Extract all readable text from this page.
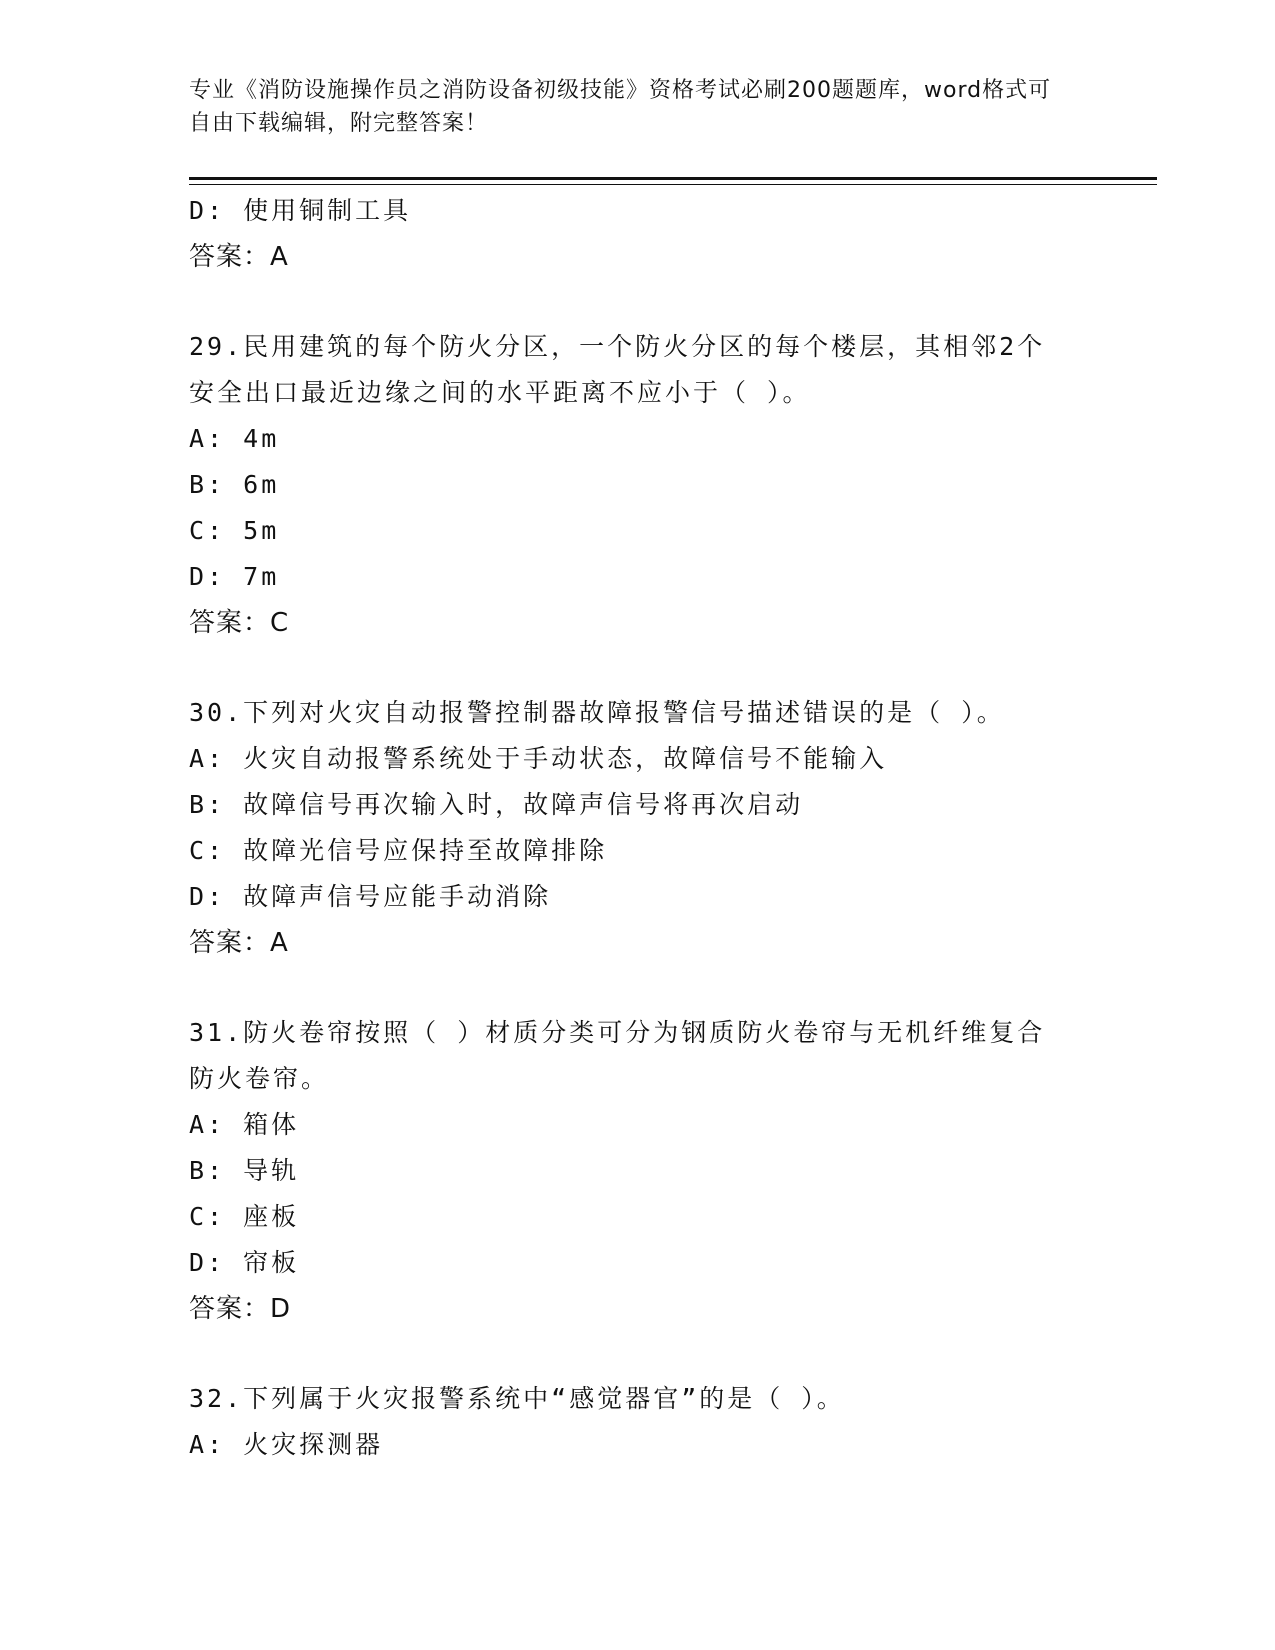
专业《消防设施操作员之消防设备初级技能》资格考试必刷200题题库，word格式可自由下载编辑，附完整答案！
D: 使用铜制工具
答案：A
29.民用建筑的每个防火分区，一个防火分区的每个楼层，其相邻2个
安全出口最近边缘之间的水平距离不应小于（ ）。
A: 4m
B: 6m
C: 5m
D: 7m
答案：C
30.下列对火灾自动报警控制器故障报警信号描述错误的是（ ）。
A: 火灾自动报警系统处于手动状态，故障信号不能输入
B: 故障信号再次输入时，故障声信号将再次启动
C: 故障光信号应保持至故障排除
D: 故障声信号应能手动消除
答案：A
31.防火卷帘按照（ ）材质分类可分为钢质防火卷帘与无机纤维复合
防火卷帘。
A: 箱体
B: 导轨
C: 座板
D: 帘板
答案：D
32.下列属于火灾报警系统中“感觉器官”的是（ ）。
A: 火灾探测器
